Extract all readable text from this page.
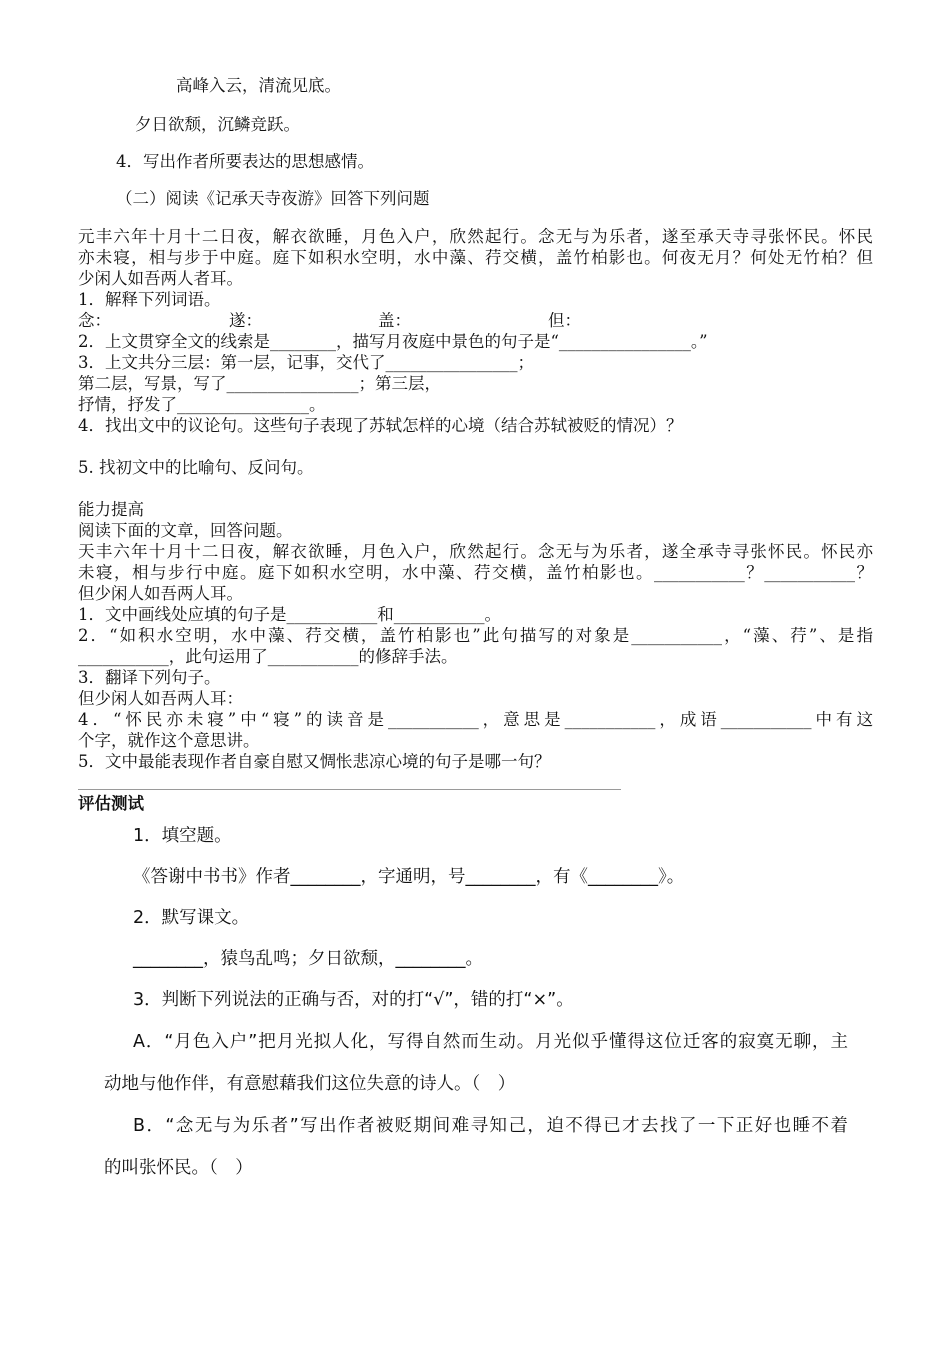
高峰入云，清流见底。
夕日欲颓，沉鳞竞跃。
4．写出作者所要表达的思想感情。
（二）阅读《记承天寺夜游》回答下列问题
元丰六年十月十二日夜，解衣欲睡，月色入户，欣然起行。念无与为乐者，遂至承天寺寻张怀民。怀民
亦未寝，相与步于中庭。庭下如积水空明，水中藻、荇交横，盖竹柏影也。何夜无月？何处无竹柏？但
少闲人如吾两人者耳。
1．解释下列词语。
念：	遂：	盖：	但：
2．上文贯穿全文的线索是________，描写月夜庭中景色的句子是“________________。”
3．上文共分三层：第一层，记事，交代了________________；
第二层，写景，写了________________；第三层，
抒情，抒发了________________。
4．找出文中的议论句。这些句子表现了苏轼怎样的心境（结合苏轼被贬的情况）？
5. 找初文中的比喻句、反问句。
能力提高
阅读下面的文章，回答问题。
天丰六年十月十二日夜，解衣欲睡，月色入户，欣然起行。念无与为乐者，遂全承寺寻张怀民。怀民亦
未寝，相与步行中庭。庭下如积水空明，水中藻、荇交横，盖竹柏影也。___________？___________？
但少闲人如吾两人耳。
1．文中画线处应填的句子是___________和___________。
2．“如积水空明，水中藻、荇交横，盖竹柏影也”此句描写的对象是___________，“藻、荇”、是指
___________，此句运用了___________的修辞手法。
3．翻译下列句子。
但少闲人如吾两人耳：
4．“怀民亦未寝”中“寝”的读音是___________，意思是___________，成语___________中有这
个字，就作这个意思讲。
5．文中最能表现作者自豪自慰又惆怅悲凉心境的句子是哪一句？
评估测试
1．填空题。
《答谢中书书》作者________，字通明，号________，有《________》。
2．默写课文。
________，猿鸟乱鸣；夕日欲颓，________。
3．判断下列说法的正确与否，对的打“√”，错的打“×”。
A．“月色入户”把月光拟人化，写得自然而生动。月光似乎懂得这位迁客的寂寞无聊，主
动地与他作伴，有意慰藉我们这位失意的诗人。（　）
B．“念无与为乐者”写出作者被贬期间难寻知己，迫不得已才去找了一下正好也睡不着
的叫张怀民。（　）
